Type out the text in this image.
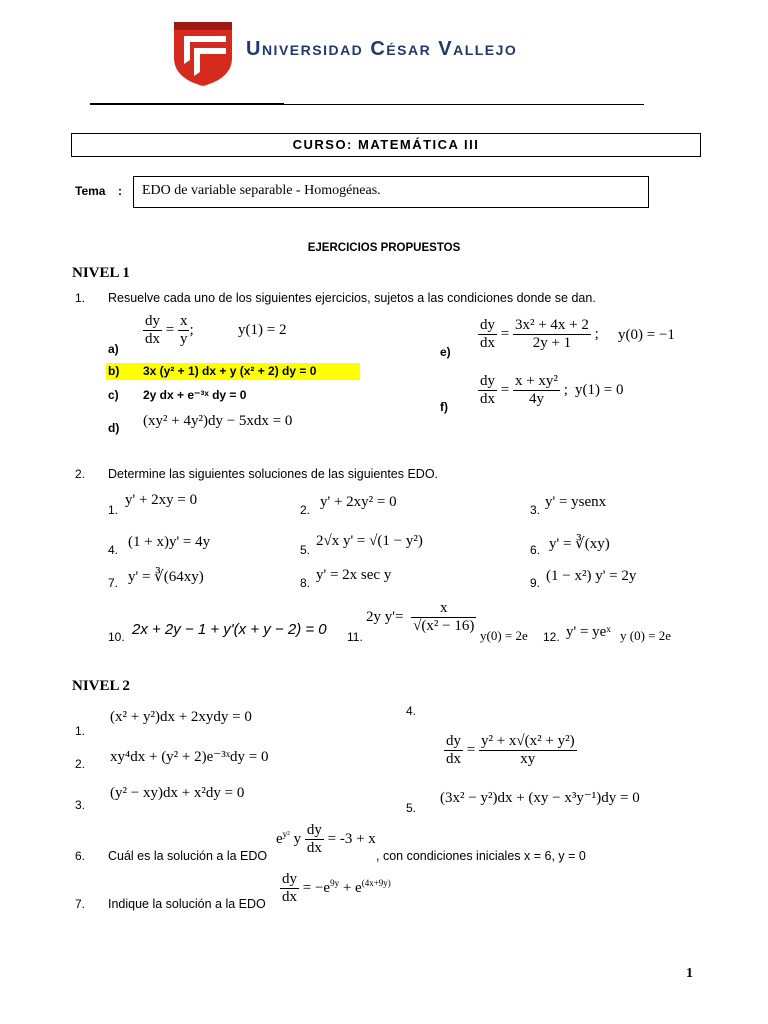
Universidad César Vallejo
CURSO: MATEMÁTICA III
Tema : EDO de variable separable - Homogéneas.
EJERCICIOS PROPUESTOS
NIVEL 1
1. Resuelve cada uno de los siguientes ejercicios, sujetos a las condiciones donde se dan.
a)
$\frac{dy}{dx} = \frac{x}{y}$ ;	y(1) = 2
b) 3x (y² + 1) dx + y (x² + 2) dy = 0
c) 2y dx + e⁻³ˣ dy = 0
d) (xy² + 4y²)dy − 5xdx = 0
$e) \frac{dy}{dx} = \frac{\text{3x² + 4x + 2}}{2y + 1}$ ; y(0) = −1
$f) \frac{dy}{dx} = \frac{\text{x + xy²}}{4y}$ ; y(1) = 0
2. Determine las siguientes soluciones de las siguientes EDO.
1.
y' + 2xy = 0
2. y' + 2xy² = 0	3. y' = ysenx
4. (1 + x)y' = 4y	5.
2√x y' = √(1 − y²)
6. y' = ∛(xy)
7. y' = ∛(64xy)	8. y' = 2x sec y	9. (1 − x²) y' = 2y
10. 2x + 2y − 1 + y'(x + y − 2) = 0 11.
2y $y'= \frac{x}{\text{√(x² − 16)}}$
y(0) = 2e 12. y' = yeˣ y (0) = 2e
NIVEL 2
1.
(x² + y²)dx + 2xydy = 0
2. xy⁴dx + (y² + 2)e⁻³ˣdy = 0
3.
(y² − xy)dx + x²dy = 0
4.
$\frac{dy}{dx} = \frac{\text{y² + x√(x² + y²)}}{xy}$
5.
(3x² − y²)dx + (xy − x³y⁻¹)dy = 0
6. Cuál es la solución a la EDO
$e^{y^2}$ y $\frac{dy}{dx} = -3 + x$
, con condiciones iniciales x = 6, y = 0
7. Indique la solución a la EDO $\frac{dy}{dx} = -e^{9y} + e^{(4x+9y)}$
1
